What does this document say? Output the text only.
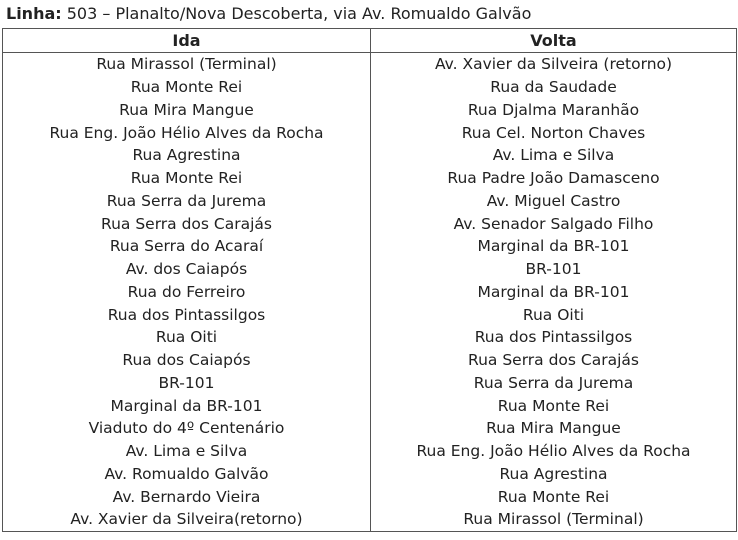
Linha: 503 – Planalto/Nova Descoberta, via Av. Romualdo Galvão
Ida	Volta
Rua Mirassol (Terminal)	Av. Xavier da Silveira (retorno)
Rua Monte Rei	Rua da Saudade
Rua Mira Mangue	Rua Djalma Maranhão
Rua Eng. João Hélio Alves da Rocha	Rua Cel. Norton Chaves
Rua Agrestina	Av. Lima e Silva
Rua Monte Rei	Rua Padre João Damasceno
Rua Serra da Jurema	Av. Miguel Castro
Rua Serra dos Carajás	Av. Senador Salgado Filho
Rua Serra do Acaraí	Marginal da BR-101
Av. dos Caiapós	BR-101
Rua do Ferreiro	Marginal da BR-101
Rua dos Pintassilgos	Rua Oiti
Rua Oiti	Rua dos Pintassilgos
Rua dos Caiapós	Rua Serra dos Carajás
BR-101	Rua Serra da Jurema
Marginal da BR-101	Rua Monte Rei
Viaduto do 4º Centenário	Rua Mira Mangue
Av. Lima e Silva	Rua Eng. João Hélio Alves da Rocha
Av. Romualdo Galvão	Rua Agrestina
Av. Bernardo Vieira	Rua Monte Rei
Av. Xavier da Silveira(retorno)	Rua Mirassol (Terminal)
